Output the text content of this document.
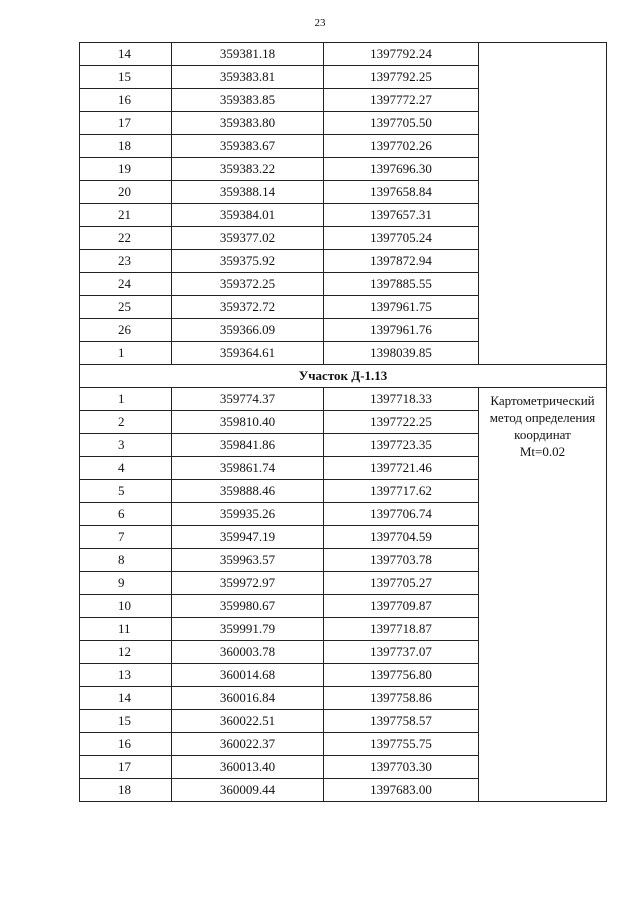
23
14	359381.18	1397792.24	
15	359383.81	1397792.25	
16	359383.85	1397772.27	
17	359383.80	1397705.50	
18	359383.67	1397702.26	
19	359383.22	1397696.30	
20	359388.14	1397658.84	
21	359384.01	1397657.31	
22	359377.02	1397705.24	
23	359375.92	1397872.94	
24	359372.25	1397885.55	
25	359372.72	1397961.75	
26	359366.09	1397961.76	
1	359364.61	1398039.85	
Участок Д-1.13			
1	359774.37	1397718.33	Картометрический
метод определения
координат
Mt=0.02

2	359810.40	1397722.25	
3	359841.86	1397723.35	
4	359861.74	1397721.46	
5	359888.46	1397717.62	
6	359935.26	1397706.74	
7	359947.19	1397704.59	
8	359963.57	1397703.78	
9	359972.97	1397705.27	
10	359980.67	1397709.87	
11	359991.79	1397718.87	
12	360003.78	1397737.07	
13	360014.68	1397756.80	
14	360016.84	1397758.86	
15	360022.51	1397758.57	
16	360022.37	1397755.75	
17	360013.40	1397703.30	
18	360009.44	1397683.00	
